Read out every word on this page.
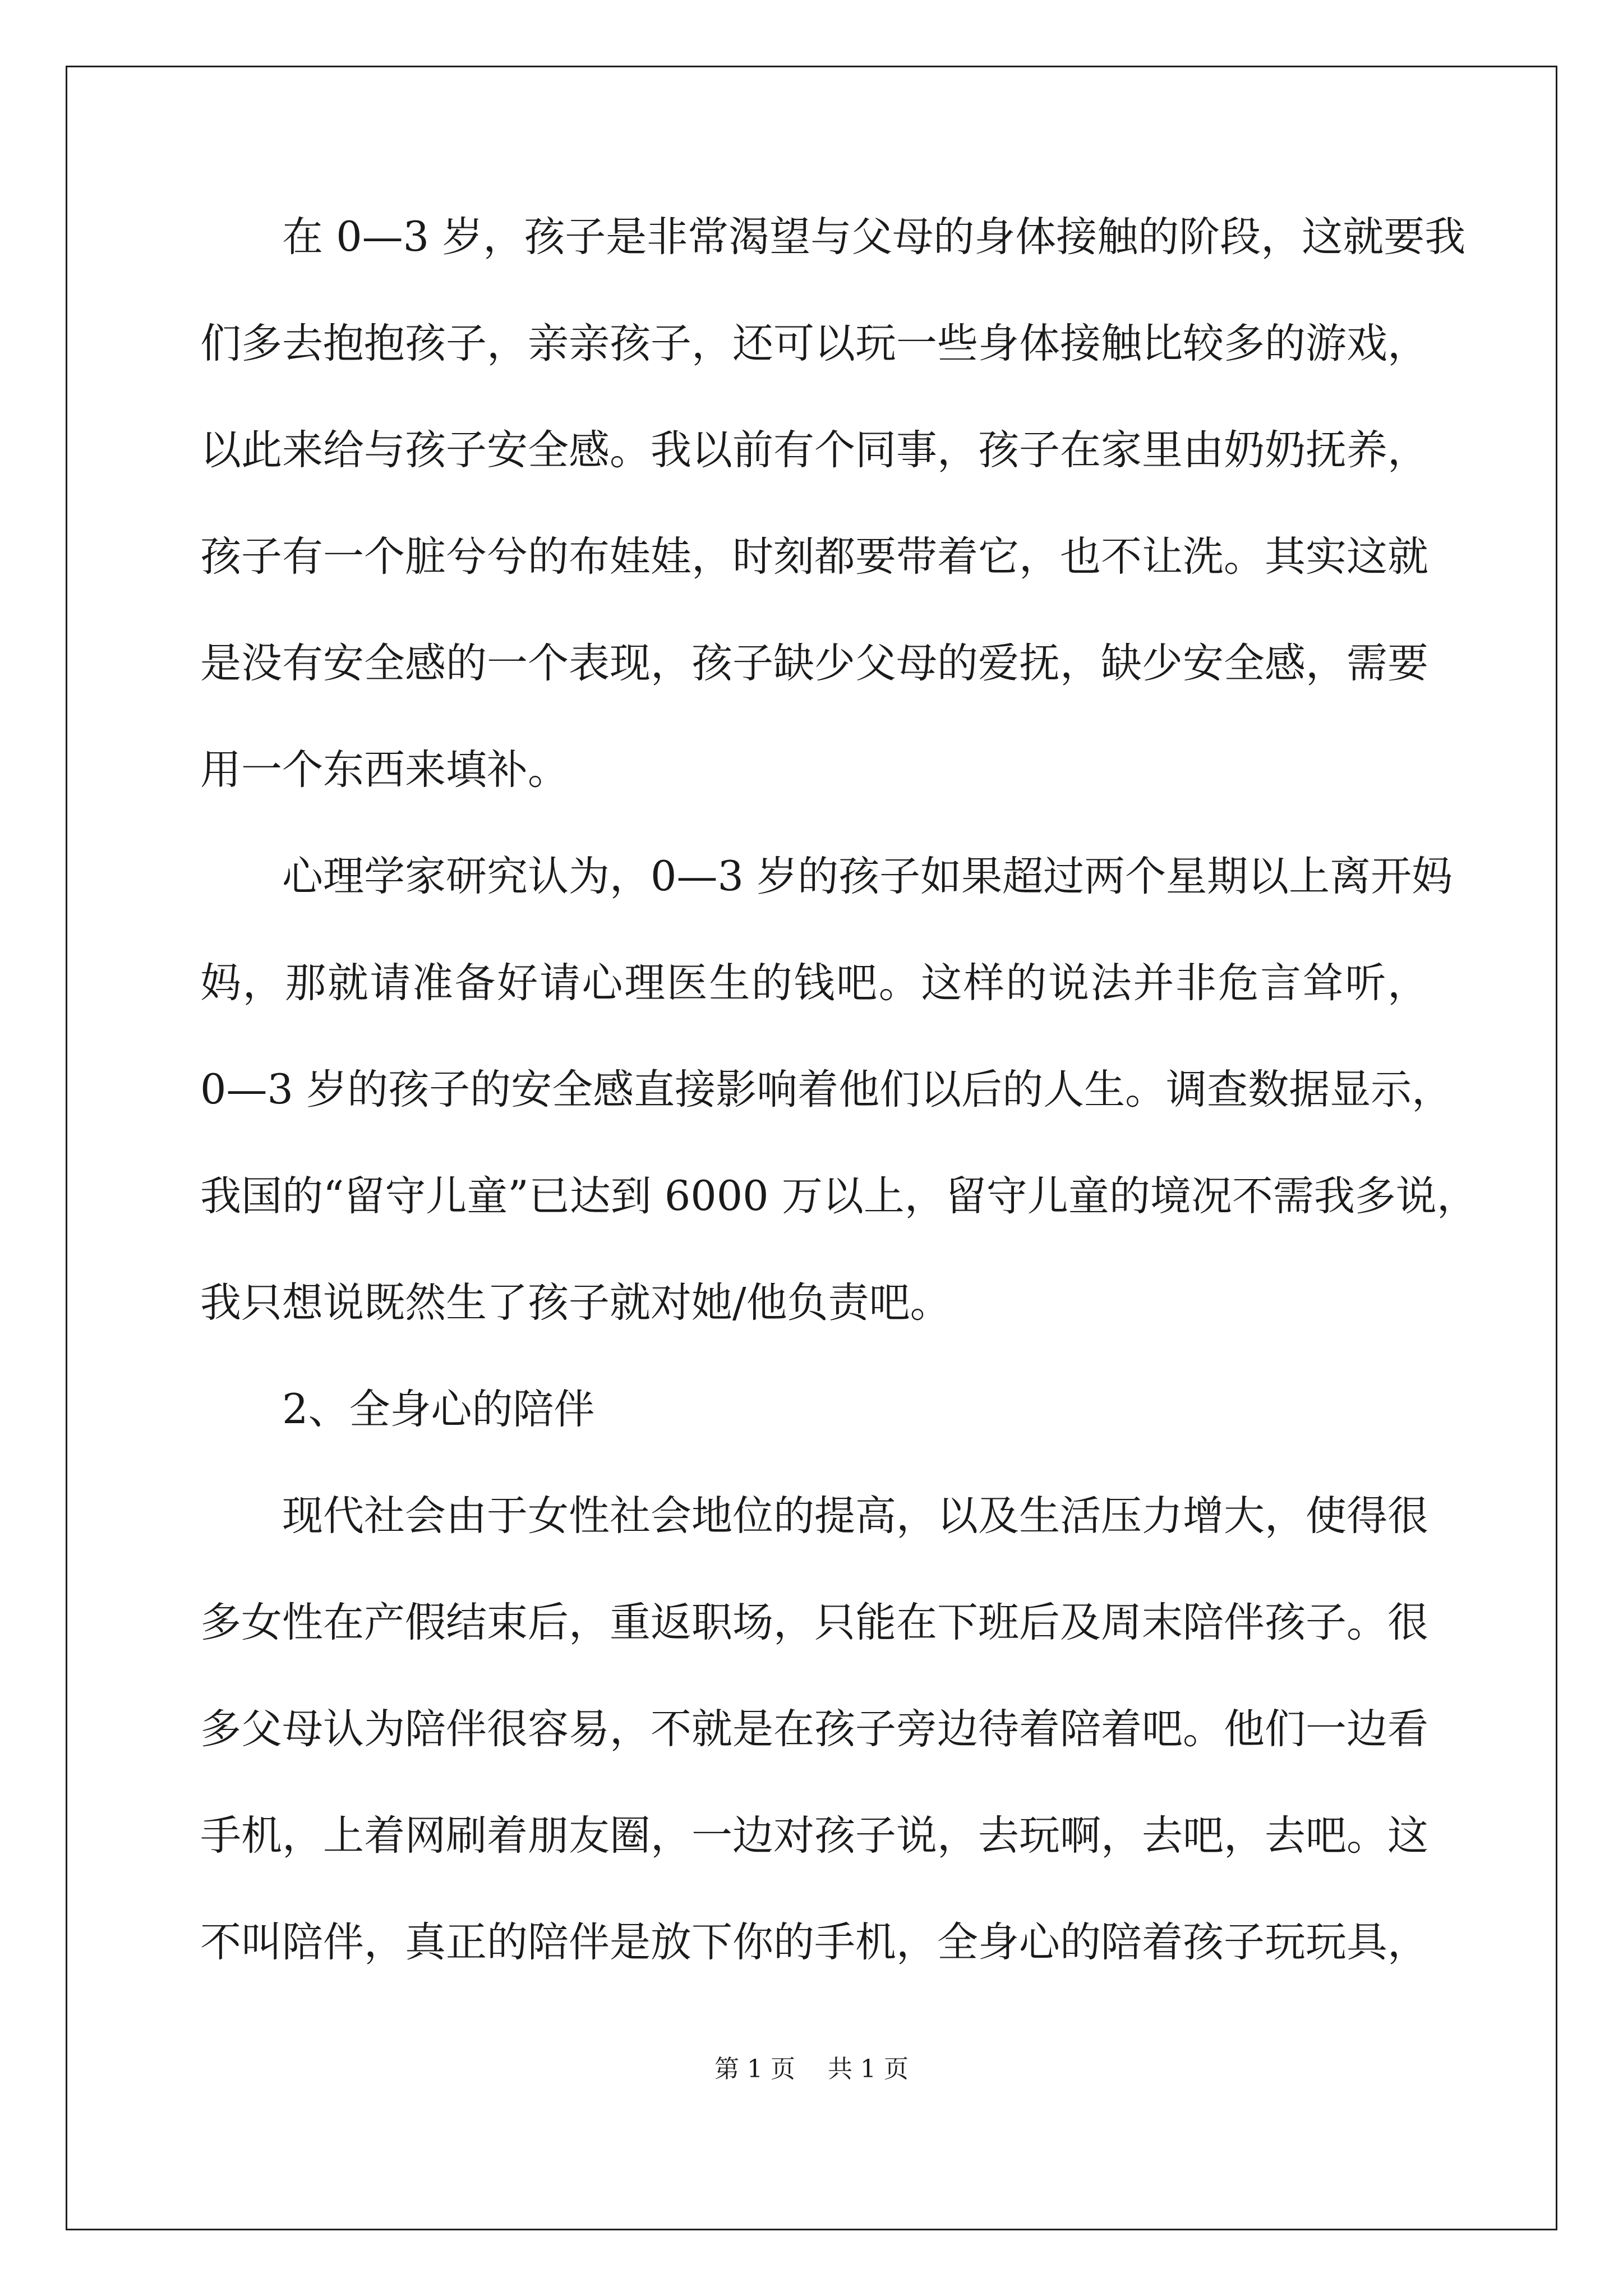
在 0—3 岁，孩子是非常渴望与父母的身体接触的阶段，这就要我

们多去抱抱孩子，亲亲孩子，还可以玩一些身体接触比较多的游戏，

以此来给与孩子安全感。我以前有个同事，孩子在家里由奶奶抚养，

孩子有一个脏兮兮的布娃娃，时刻都要带着它，也不让洗。其实这就

是没有安全感的一个表现，孩子缺少父母的爱抚，缺少安全感，需要

用一个东西来填补。

心理学家研究认为，0—3 岁的孩子如果超过两个星期以上离开妈

妈，那就请准备好请心理医生的钱吧。这样的说法并非危言耸听，

0—3 岁的孩子的安全感直接影响着他们以后的人生。调查数据显示，

我国的“留守儿童”已达到 6000 万以上，留守儿童的境况不需我多说，

我只想说既然生了孩子就对她/他负责吧。

2、全身心的陪伴

现代社会由于女性社会地位的提高，以及生活压力增大，使得很

多女性在产假结束后，重返职场，只能在下班后及周末陪伴孩子。很

多父母认为陪伴很容易，不就是在孩子旁边待着陪着吧。他们一边看

手机，上着网刷着朋友圈，一边对孩子说，去玩啊，去吧，去吧。这

不叫陪伴，真正的陪伴是放下你的手机，全身心的陪着孩子玩玩具，

第 1 页 共 1 页
